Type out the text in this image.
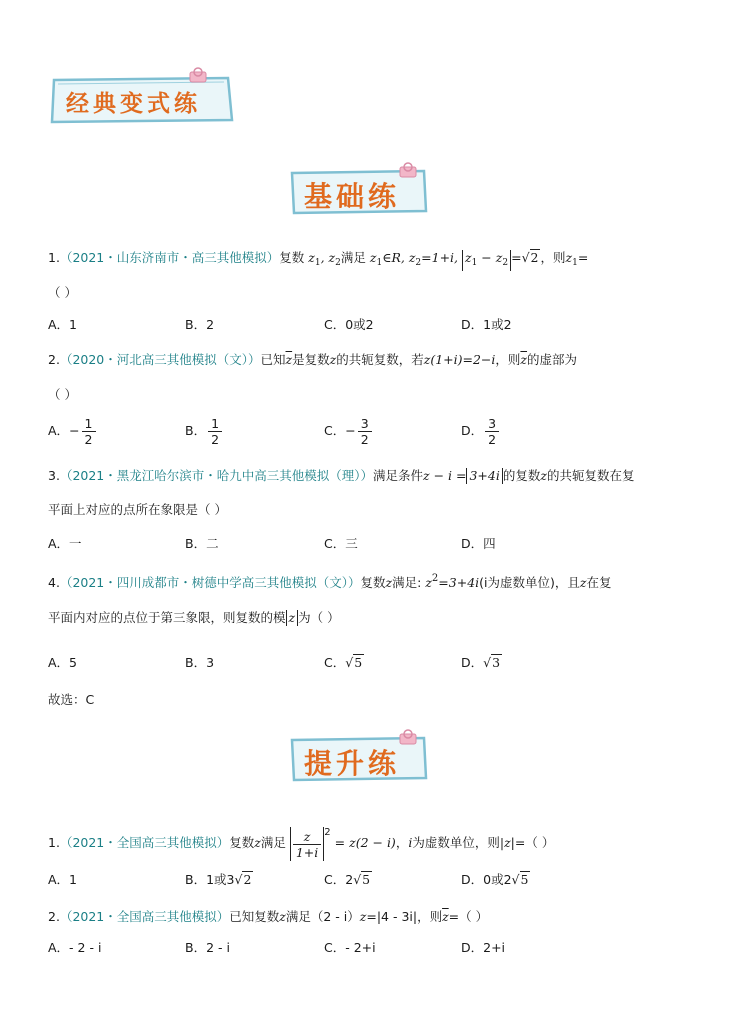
经典变式练
基础练
1.（2021・山东济南市・高三其他模拟）复数 $z_1$, $z_2$满足 $z_1\in R$, $z_2=1+i$, $z_1 - z_2 =√2$ ，则$z_1=$
（ ）
A．1	B．2	C．0或2	D．1或2
2.（2020・河北高三其他模拟（文））已知$\overline{z}$是复数z的共轭复数，若z(1+i)=2−i，则$\overline{z}$的虚部为
（ ）
A．− $\frac{1}{2}$	B． $\frac{1}{2}$	C．− $\frac{3}{2}$	D． $\frac{3}{2}$
3.（2021・黑龙江哈尔滨市・哈九中高三其他模拟（理））满足条件z − i = 3+4i 的复数z的共轭复数在复
平面上对应的点所在象限是（ ）
A．一	B．二	C．三	D．四
4.（2021・四川成都市・树德中学高三其他模拟（文））复数z满足: $z^2=3+4i(i$为虚数单位)，且z在复
平面内对应的点位于第三象限，则复数的模 z 为（ ）
A．5	B．3	C．√5	D．√3
故选：C
提升练
1.（2021・全国高三其他模拟）复数z满足 $\frac{z}{1+i} ^2 = z(2 - i)$，i为虚数单位，则|z|=（ ）
A．1	B．1或3√2	C．2√5	D．0或2√5
2.（2021・全国高三其他模拟）已知复数z满足（2 - i）z=|4 - 3i|，则$\overline{z}=$（ ）
A．- 2 - i	B．2 - i	C．- 2+i	D．2+i
